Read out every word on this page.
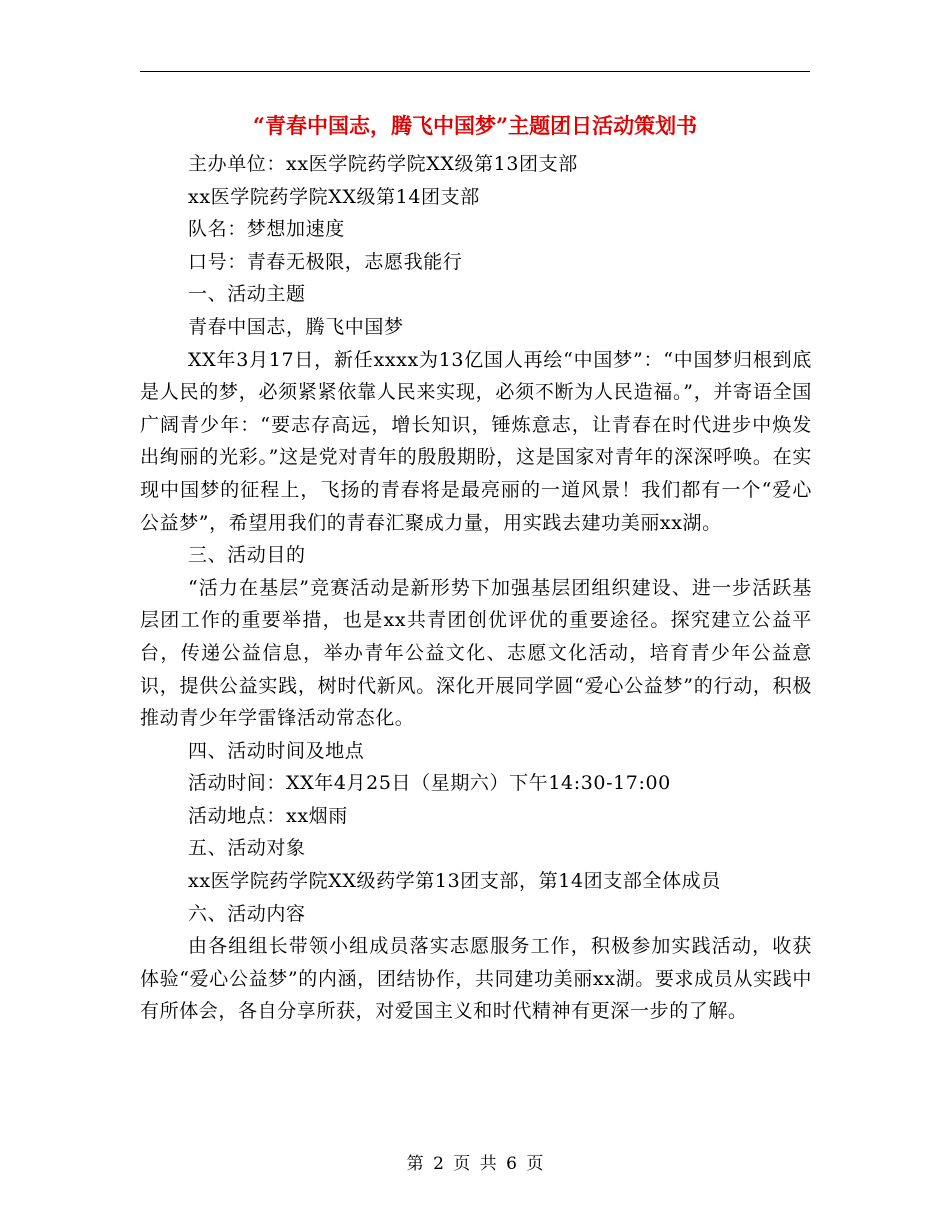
“青春中国志，腾飞中国梦”主题团日活动策划书

主办单位：xx医学院药学院XX级第13团支部

xx医学院药学院XX级第14团支部

队名：梦想加速度

口号：青春无极限，志愿我能行

一、活动主题

青春中国志，腾飞中国梦

XX年3月17日，新任xxxx为13亿国人再绘“中国梦”：“中国梦归根到底是人民的梦，必须紧紧依靠人民来实现，必须不断为人民造福。”，并寄语全国广阔青少年：“要志存高远，增长知识，锤炼意志，让青春在时代进步中焕发出绚丽的光彩。”这是党对青年的殷殷期盼，这是国家对青年的深深呼唤。在实现中国梦的征程上，飞扬的青春将是最亮丽的一道风景！我们都有一个“爱心公益梦”，希望用我们的青春汇聚成力量，用实践去建功美丽xx湖。

三、活动目的

“活力在基层”竞赛活动是新形势下加强基层团组织建设、进一步活跃基层团工作的重要举措，也是xx共青团创优评优的重要途径。探究建立公益平台，传递公益信息，举办青年公益文化、志愿文化活动，培育青少年公益意识，提供公益实践，树时代新风。深化开展同学圆“爱心公益梦”的行动，积极推动青少年学雷锋活动常态化。

四、活动时间及地点

活动时间：XX年4月25日（星期六）下午14:30-17:00

活动地点：xx烟雨

五、活动对象

xx医学院药学院XX级药学第13团支部，第14团支部全体成员

六、活动内容

由各组组长带领小组成员落实志愿服务工作，积极参加实践活动，收获体验“爱心公益梦”的内涵，团结协作，共同建功美丽xx湖。要求成员从实践中有所体会，各自分享所获，对爱国主义和时代精神有更深一步的了解。

第 2 页 共 6 页
